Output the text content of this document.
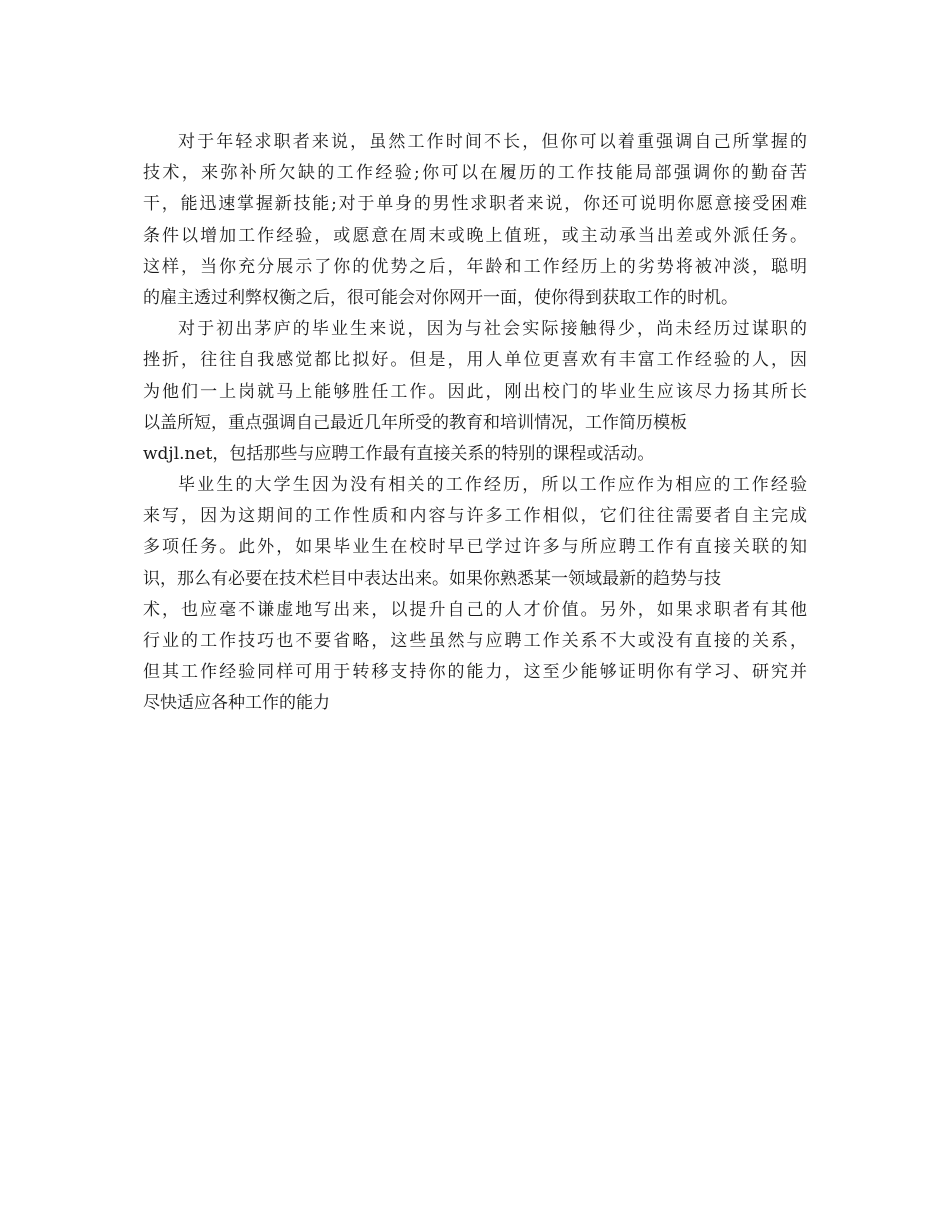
对于年轻求职者来说，虽然工作时间不长，但你可以着重强调自己所掌握的
技术，来弥补所欠缺的工作经验;你可以在履历的工作技能局部强调你的勤奋苦
干，能迅速掌握新技能;对于单身的男性求职者来说，你还可说明你愿意接受困难
条件以增加工作经验，或愿意在周末或晚上值班，或主动承当出差或外派任务。
这样，当你充分展示了你的优势之后，年龄和工作经历上的劣势将被冲淡，聪明
的雇主透过利弊权衡之后，很可能会对你网开一面，使你得到获取工作的时机。
对于初出茅庐的毕业生来说，因为与社会实际接触得少，尚未经历过谋职的
挫折，往往自我感觉都比拟好。但是，用人单位更喜欢有丰富工作经验的人，因
为他们一上岗就马上能够胜任工作。因此，刚出校门的毕业生应该尽力扬其所长
以盖所短，重点强调自己最近几年所受的教育和培训情况，工作简历模板
wdjl.net，包括那些与应聘工作最有直接关系的特别的课程或活动。
毕业生的大学生因为没有相关的工作经历，所以工作应作为相应的工作经验
来写，因为这期间的工作性质和内容与许多工作相似，它们往往需要者自主完成
多项任务。此外，如果毕业生在校时早已学过许多与所应聘工作有直接关联的知
识，那么有必要在技术栏目中表达出来。如果你熟悉某一领域最新的趋势与技
术，也应毫不谦虚地写出来，以提升自己的人才价值。另外，如果求职者有其他
行业的工作技巧也不要省略，这些虽然与应聘工作关系不大或没有直接的关系，
但其工作经验同样可用于转移支持你的能力，这至少能够证明你有学习、研究并
尽快适应各种工作的能力
